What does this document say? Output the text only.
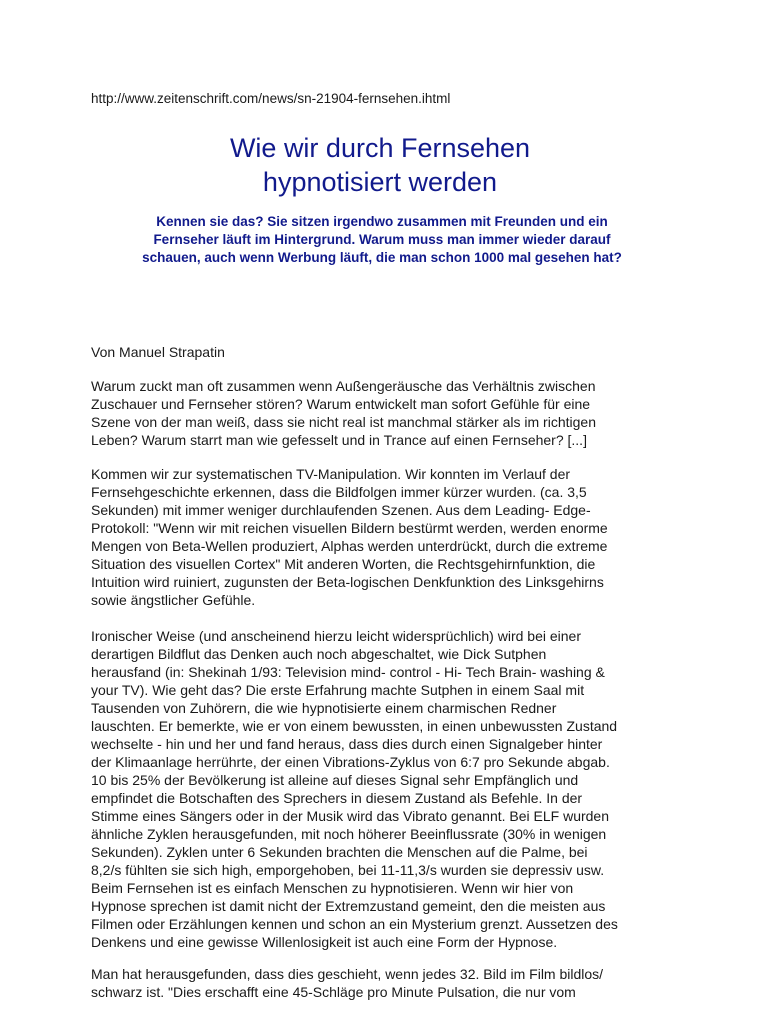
http://www.zeitenschrift.com/news/sn-21904-fernsehen.ihtml
Wie wir durch Fernsehen
hypnotisiert werden
Kennen sie das? Sie sitzen irgendwo zusammen mit Freunden und ein
Fernseher läuft im Hintergrund. Warum muss man immer wieder darauf
schauen, auch wenn Werbung läuft, die man schon 1000 mal gesehen hat?
Von Manuel Strapatin
Warum zuckt man oft zusammen wenn Außengeräusche das Verhältnis zwischen
Zuschauer und Fernseher stören? Warum entwickelt man sofort Gefühle für eine
Szene von der man weiß, dass sie nicht real ist manchmal stärker als im richtigen
Leben? Warum starrt man wie gefesselt und in Trance auf einen Fernseher? [...]
Kommen wir zur systematischen TV-Manipulation. Wir konnten im Verlauf der
Fernsehgeschichte erkennen, dass die Bildfolgen immer kürzer wurden. (ca. 3,5
Sekunden) mit immer weniger durchlaufenden Szenen. Aus dem Leading- Edge-
Protokoll: "Wenn wir mit reichen visuellen Bildern bestürmt werden, werden enorme
Mengen von Beta-Wellen produziert, Alphas werden unterdrückt, durch die extreme
Situation des visuellen Cortex" Mit anderen Worten, die Rechtsgehirnfunktion, die
Intuition wird ruiniert, zugunsten der Beta-logischen Denkfunktion des Linksgehirns
sowie ängstlicher Gefühle.
Ironischer Weise (und anscheinend hierzu leicht widersprüchlich) wird bei einer
derartigen Bildflut das Denken auch noch abgeschaltet, wie Dick Sutphen
herausfand (in: Shekinah 1/93: Television mind- control - Hi- Tech Brain- washing &
your TV). Wie geht das? Die erste Erfahrung machte Sutphen in einem Saal mit
Tausenden von Zuhörern, die wie hypnotisierte einem charmischen Redner
lauschten. Er bemerkte, wie er von einem bewussten, in einen unbewussten Zustand
wechselte - hin und her und fand heraus, dass dies durch einen Signalgeber hinter
der Klimaanlage herrührte, der einen Vibrations-Zyklus von 6:7 pro Sekunde abgab.
10 bis 25% der Bevölkerung ist alleine auf dieses Signal sehr Empfänglich und
empfindet die Botschaften des Sprechers in diesem Zustand als Befehle. In der
Stimme eines Sängers oder in der Musik wird das Vibrato genannt. Bei ELF wurden
ähnliche Zyklen herausgefunden, mit noch höherer Beeinflussrate (30% in wenigen
Sekunden). Zyklen unter 6 Sekunden brachten die Menschen auf die Palme, bei
8,2/s fühlten sie sich high, emporgehoben, bei 11-11,3/s wurden sie depressiv usw.
Beim Fernsehen ist es einfach Menschen zu hypnotisieren. Wenn wir hier von
Hypnose sprechen ist damit nicht der Extremzustand gemeint, den die meisten aus
Filmen oder Erzählungen kennen und schon an ein Mysterium grenzt. Aussetzen des
Denkens und eine gewisse Willenlosigkeit ist auch eine Form der Hypnose.
Man hat herausgefunden, dass dies geschieht, wenn jedes 32. Bild im Film bildlos/
schwarz ist. "Dies erschafft eine 45-Schläge pro Minute Pulsation, die nur vom
